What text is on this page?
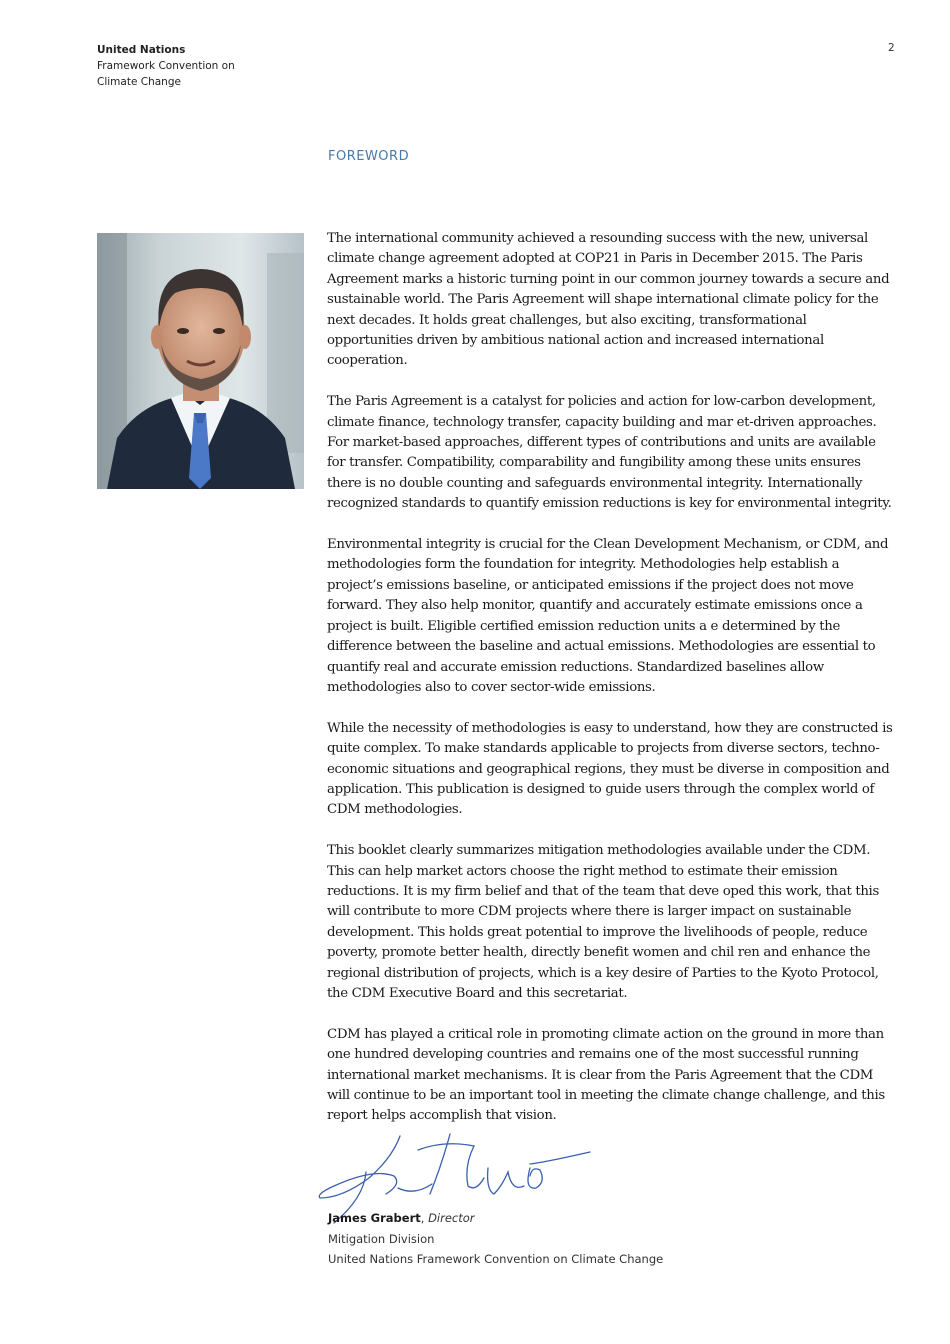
United Nations
Framework Convention on
Climate Change
2
FOREWORD

The international community achieved a resounding success with the new, universal climate change agreement adopted at COP21 in Paris in December 2015. The Paris Agreement marks a historic turning point in our common journey towards a secure and sustainable world. The Paris Agreement will shape international climate policy for the next decades. It holds great challenges, but also exciting, transformational opportunities driven by ambitious national action and increased international cooperation.

The Paris Agreement is a catalyst for policies and action for low-carbon development, climate finance, technology transfer, capacity building and mar et-driven approaches. For market-based approaches, different types of contributions and units are available for transfer. Compatibility, comparability and fungibility among these units ensures there is no double counting and safeguards environmental integrity. Internationally recognized standards to quantify emission reductions is key for environmental integrity.

Environmental integrity is crucial for the Clean Development Mechanism, or CDM, and methodologies form the foundation for integrity. Methodologies help establish a project’s emissions baseline, or anticipated emissions if the project does not move forward. They also help monitor, quantify and accurately estimate emissions once a project is built. Eligible certified emission reduction units a e determined by the difference between the baseline and actual emissions. Methodologies are essential to quantify real and accurate emission reductions. Standardized baselines allow methodologies also to cover sector-wide emissions.

While the necessity of methodologies is easy to understand, how they are constructed is quite complex. To make standards applicable to projects from diverse sectors, techno-economic situations and geographical regions, they must be diverse in composition and application. This publication is designed to guide users through the complex world of CDM methodologies.

This booklet clearly summarizes mitigation methodologies available under the CDM. This can help market actors choose the right method to estimate their emission reductions. It is my firm belief and that of the team that deve oped this work, that this will contribute to more CDM projects where there is larger impact on sustainable development. This holds great potential to improve the livelihoods of people, reduce poverty, promote better health, directly benefit women and chil ren and enhance the regional distribution of projects, which is a key desire of Parties to the Kyoto Protocol, the CDM Executive Board and this secretariat.

CDM has played a critical role in promoting climate action on the ground in more than one hundred developing countries and remains one of the most successful running international market mechanisms. It is clear from the Paris Agreement that the CDM will continue to be an important tool in meeting the climate change challenge, and this report helps accomplish that vision.

James Grabert, Director
Mitigation Division
United Nations Framework Convention on Climate Change
